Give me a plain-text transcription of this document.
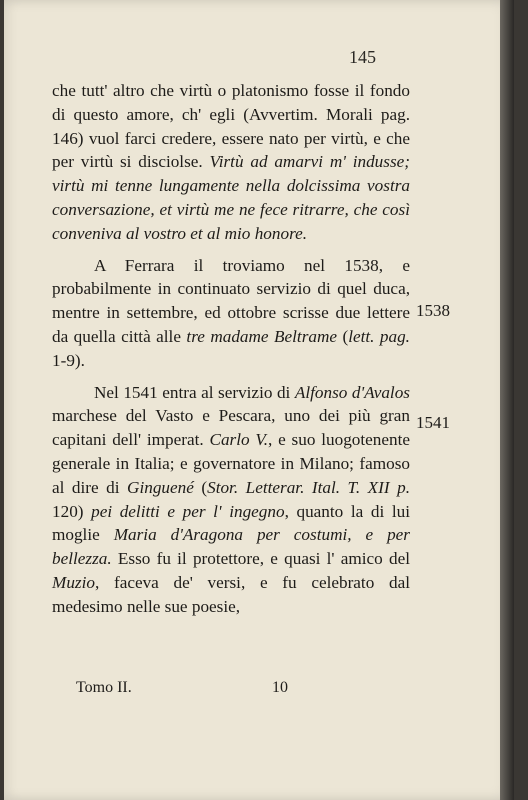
145

che tutt' altro che virtù o platonismo fosse il fondo di questo amore, ch' egli (Avvertim. Morali pag. 146) vuol farci credere, essere nato per virtù, e che per virtù si disciolse. Virtù ad amarvi m' indusse; virtù mi tenne lungamente nella dolcissima vostra conversazione, et virtù me ne fece ritrarre, che così conveniva al vostro et al mio honore.

A Ferrara il troviamo nel 1538, e probabilmente in continuato servizio di quel duca, mentre in settembre, ed ottobre scrisse due lettere da quella città alle tre madame Beltrame (lett. pag. 1-9).

Nel 1541 entra al servizio di Alfonso d'Avalos marchese del Vasto e Pescara, uno dei più gran capitani dell' imperat. Carlo V., e suo luogotenente generale in Italia; e governatore in Milano; famoso al dire di Ginguené (Stor. Letterar. Ital. T. XII p. 120) pei delitti e per l' ingegno, quanto la di lui moglie Maria d'Aragona per costumi, e per bellezza. Esso fu il protettore, e quasi l' amico del Muzio, faceva de' versi, e fu celebrato dal medesimo nelle sue poesie,

1538
1541
Tomo II.	10
